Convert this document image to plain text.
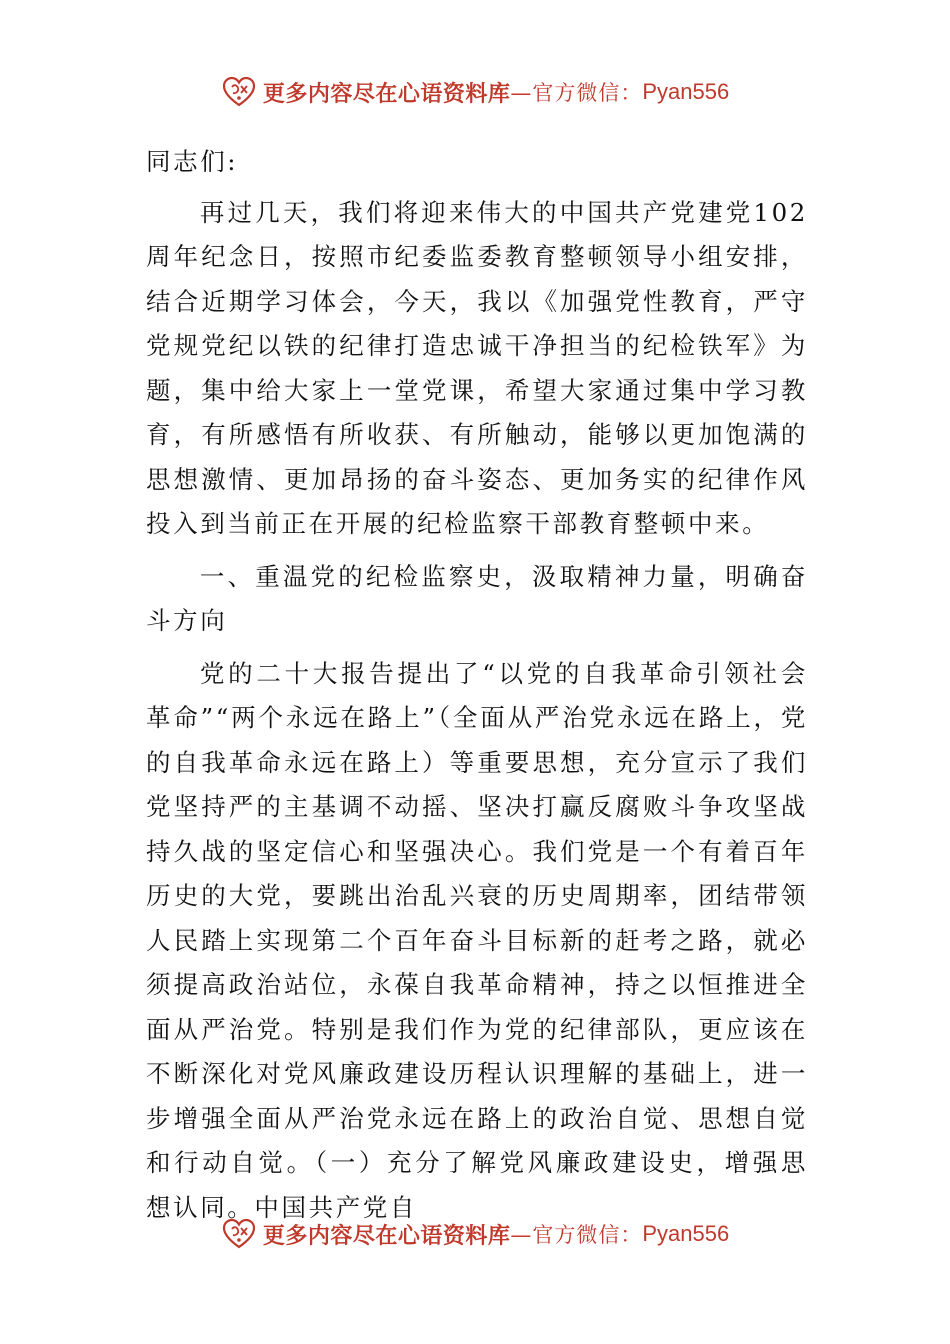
更多内容尽在心语资料库 —官方微信： Pyan556

同志们:

再过几天，我们将迎来伟大的中国共产党建党102周年纪念日，按照市纪委监委教育整顿领导小组安排，结合近期学习体会，今天，我以《加强党性教育，严守党规党纪以铁的纪律打造忠诚干净担当的纪检铁军》为题，集中给大家上一堂党课，希望大家通过集中学习教育，有所感悟有所收获、有所触动，能够以更加饱满的思想激情、更加昂扬的奋斗姿态、更加务实的纪律作风投入到当前正在开展的纪检监察干部教育整顿中来。

一、重温党的纪检监察史，汲取精神力量，明确奋斗方向

党的二十大报告提出了“以党的自我革命引领社会革命”“两个永远在路上”（全面从严治党永远在路上，党的自我革命永远在路上）等重要思想，充分宣示了我们党坚持严的主基调不动摇、坚决打赢反腐败斗争攻坚战持久战的坚定信心和坚强决心。我们党是一个有着百年历史的大党，要跳出治乱兴衰的历史周期率，团结带领人民踏上实现第二个百年奋斗目标新的赶考之路，就必须提高政治站位，永葆自我革命精神，持之以恒推进全面从严治党。特别是我们作为党的纪律部队，更应该在不断深化对党风廉政建设历程认识理解的基础上，进一步增强全面从严治党永远在路上的政治自觉、思想自觉和行动自觉。（一）充分了解党风廉政建设史，增强思想认同。中国共产党自

更多内容尽在心语资料库 —官方微信： Pyan556
